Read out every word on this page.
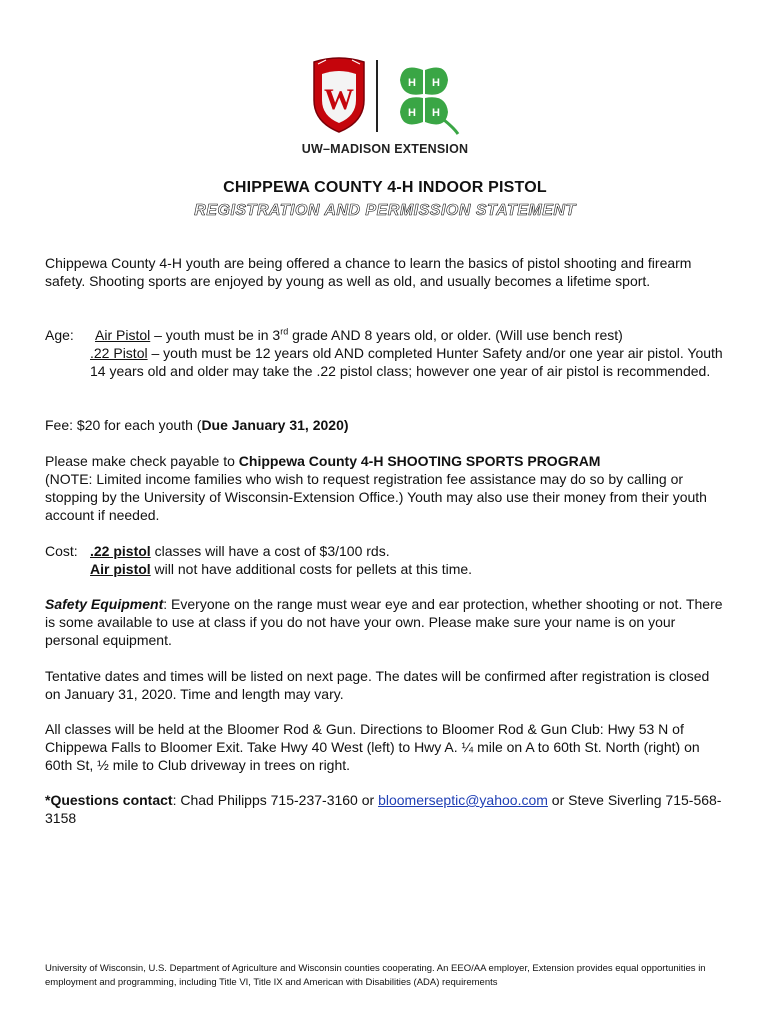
W	H H
H H
UW–MADISON EXTENSION
CHIPPEWA COUNTY 4-H INDOOR PISTOL
REGISTRATION AND PERMISSION STATEMENT
Chippewa County 4-H youth are being offered a chance to learn the basics of pistol shooting and firearm safety. Shooting sports are enjoyed by young as well as old, and usually becomes a lifetime sport.
Age:	Air Pistol – youth must be in 3rd grade AND 8 years old, or older. (Will use bench rest)
.22 Pistol – youth must be 12 years old AND completed Hunter Safety and/or one year air pistol. Youth 14 years old and older may take the .22 pistol class; however one year of air pistol is recommended.
Fee: $20 for each youth (Due January 31, 2020)
Please make check payable to Chippewa County 4-H SHOOTING SPORTS PROGRAM
(NOTE: Limited income families who wish to request registration fee assistance may do so by calling or stopping by the University of Wisconsin-Extension Office.) Youth may also use their money from their youth account if needed.
Cost: .22 pistol classes will have a cost of $3/100 rds.
Air pistol will not have additional costs for pellets at this time.
Safety Equipment: Everyone on the range must wear eye and ear protection, whether shooting or not. There is some available to use at class if you do not have your own. Please make sure your name is on your personal equipment.
Tentative dates and times will be listed on next page. The dates will be confirmed after registration is closed on January 31, 2020. Time and length may vary.
All classes will be held at the Bloomer Rod & Gun. Directions to Bloomer Rod & Gun Club: Hwy 53 N of Chippewa Falls to Bloomer Exit. Take Hwy 40 West (left) to Hwy A. ¼ mile on A to 60th St. North (right) on 60th St, ½ mile to Club driveway in trees on right.
*Questions contact: Chad Philipps 715-237-3160 or bloomerseptic@yahoo.com or Steve Siverling 715-568-3158
University of Wisconsin, U.S. Department of Agriculture and Wisconsin counties cooperating. An EEO/AA employer, Extension provides equal opportunities in employment and programming, including Title VI, Title IX and American with Disabilities (ADA) requirements
